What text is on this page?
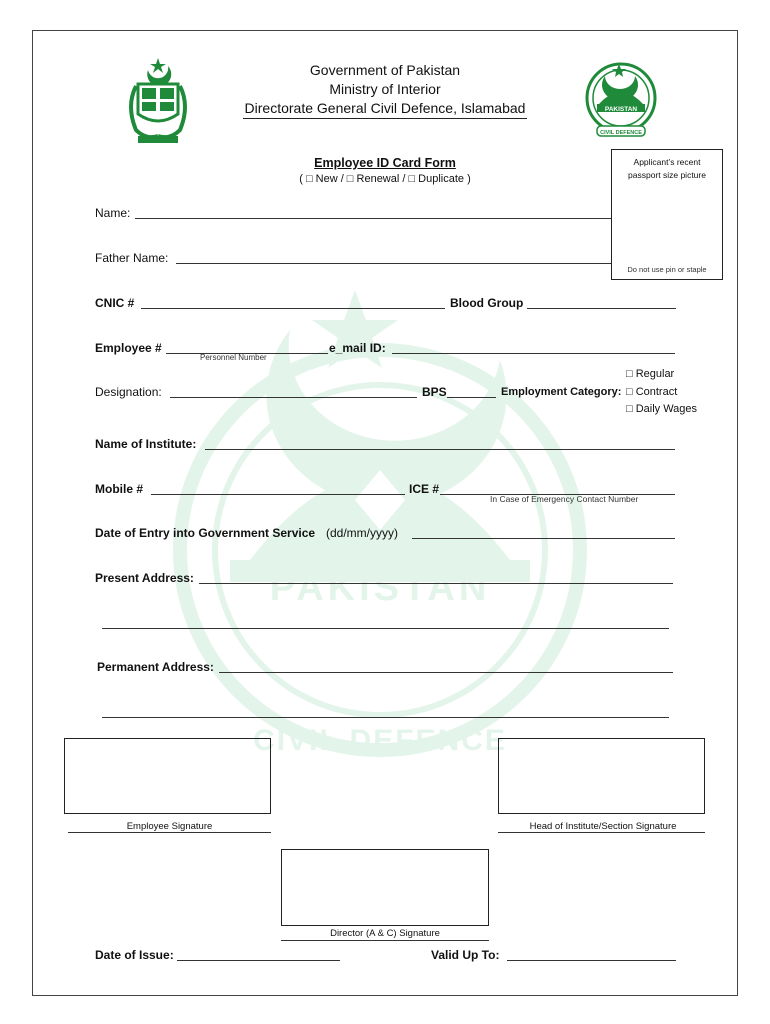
PAKISTAN
CIVIL DEFENCE
PAKISTAN
CIVIL DEFENCE
Government of Pakistan
Ministry of Interior
Directorate General Civil Defence, Islamabad
Employee ID Card Form
( □ New / □ Renewal / □ Duplicate )
Applicant’s recent
passport size picture
Do not use pin or staple
Name:
Father Name:
CNIC #	Blood Group
Employee #
Personnel Number
e_mail ID:
Designation:	BPS	Employment Category:
□ Regular
□ Contract
□ Daily Wages
Name of Institute:
Mobile #	ICE #
In Case of Emergency Contact Number
Date of Entry into Government Service (dd/mm/yyyy)
Present Address:
Permanent Address:
Employee Signature	Head of Institute/Section Signature
Director (A & C) Signature
Date of Issue:	Valid Up To:
